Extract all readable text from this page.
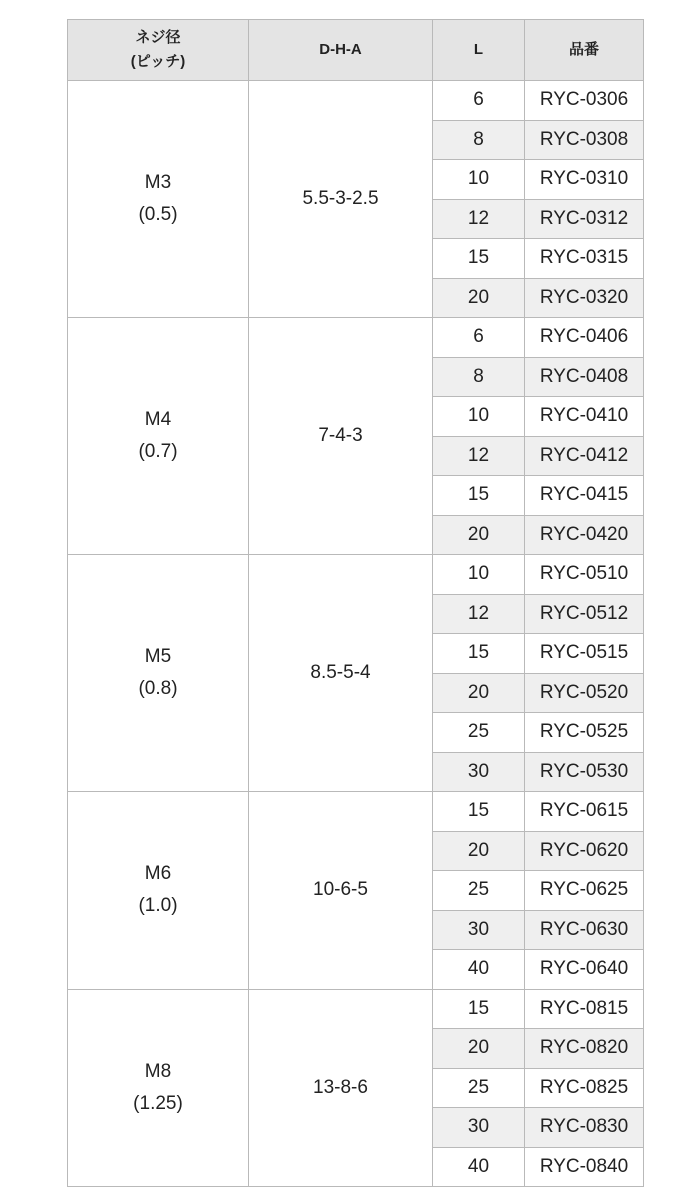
ネジ径
(ピッチ)	D-H-A	L	品番

M3
(0.5)	5.5-3-2.5	6	RYC-0306
		8	RYC-0308
		10	RYC-0310
		12	RYC-0312
		15	RYC-0315
		20	RYC-0320

M4
(0.7)	7-4-3	6	RYC-0406
		8	RYC-0408
		10	RYC-0410
		12	RYC-0412
		15	RYC-0415
		20	RYC-0420

M5
(0.8)	8.5-5-4	10	RYC-0510
		12	RYC-0512
		15	RYC-0515
		20	RYC-0520
		25	RYC-0525
		30	RYC-0530

M6
(1.0)	10-6-5	15	RYC-0615
		20	RYC-0620
		25	RYC-0625
		30	RYC-0630
		40	RYC-0640

M8
(1.25)	13-8-6	15	RYC-0815
		20	RYC-0820
		25	RYC-0825
		30	RYC-0830
		40	RYC-0840
